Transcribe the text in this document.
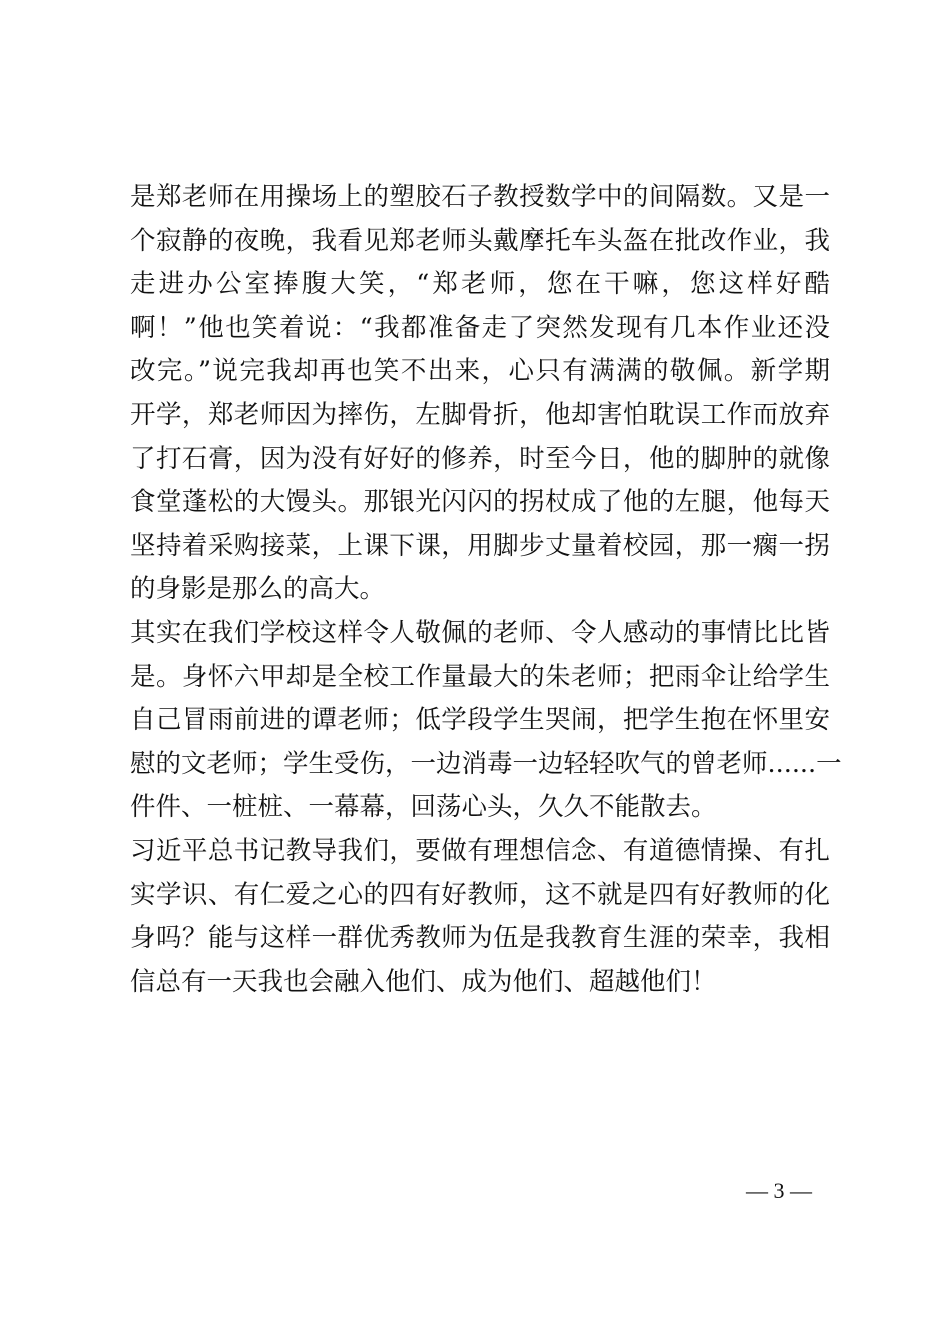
是郑老师在用操场上的塑胶石子教授数学中的间隔数。又是一
个寂静的夜晚，我看见郑老师头戴摩托车头盔在批改作业，我
走进办公室捧腹大笑，“郑老师，您在干嘛，您这样好酷
啊！”他也笑着说：“我都准备走了突然发现有几本作业还没
改完。”说完我却再也笑不出来，心只有满满的敬佩。新学期
开学，郑老师因为摔伤，左脚骨折，他却害怕耽误工作而放弃
了打石膏，因为没有好好的修养，时至今日，他的脚肿的就像
食堂蓬松的大馒头。那银光闪闪的拐杖成了他的左腿，他每天
坚持着采购接菜，上课下课，用脚步丈量着校园，那一瘸一拐
的身影是那么的高大。
其实在我们学校这样令人敬佩的老师、令人感动的事情比比皆
是。身怀六甲却是全校工作量最大的朱老师；把雨伞让给学生
自己冒雨前进的谭老师；低学段学生哭闹，把学生抱在怀里安
慰的文老师；学生受伤，一边消毒一边轻轻吹气的曾老师......一
件件、一桩桩、一幕幕，回荡心头，久久不能散去。
习近平总书记教导我们，要做有理想信念、有道德情操、有扎
实学识、有仁爱之心的四有好教师，这不就是四有好教师的化
身吗？能与这样一群优秀教师为伍是我教育生涯的荣幸，我相
信总有一天我也会融入他们、成为他们、超越他们！
— 3 —
